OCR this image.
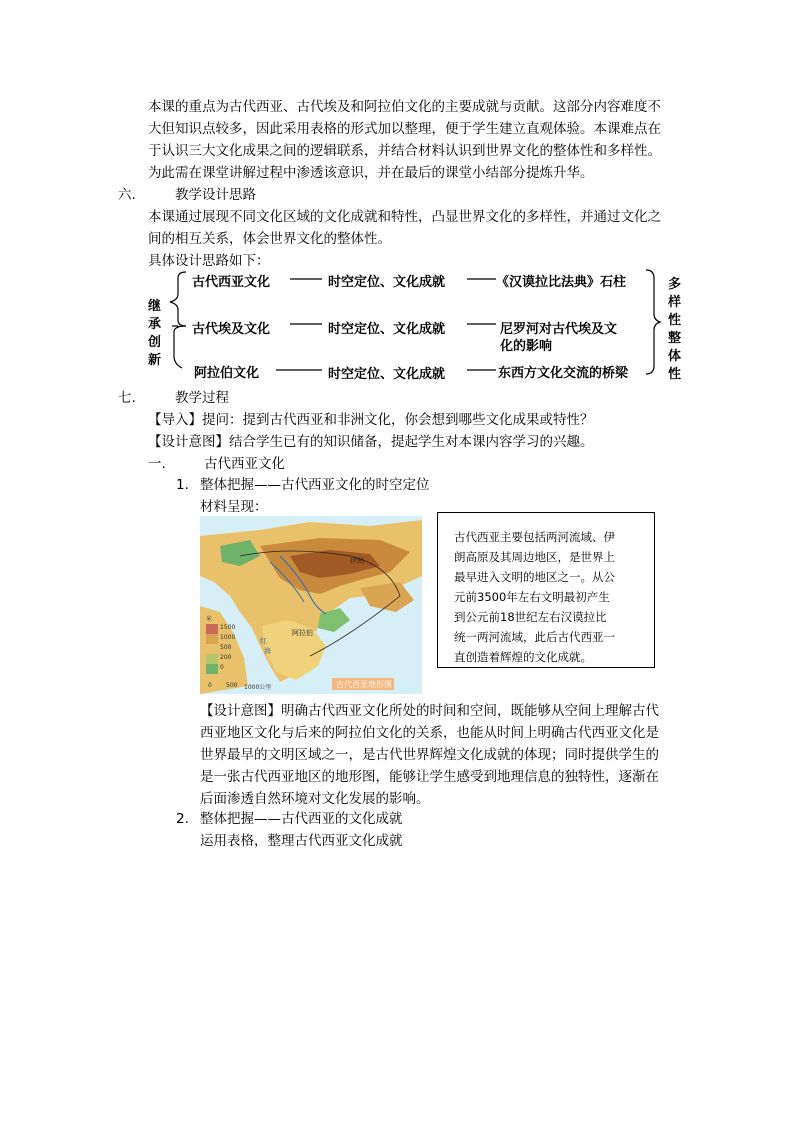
本课的重点为古代西亚、古代埃及和阿拉伯文化的主要成就与贡献。这部分内容难度不
大但知识点较多，因此采用表格的形式加以整理，便于学生建立直观体验。本课难点在
于认识三大文化成果之间的逻辑联系，并结合材料认识到世界文化的整体性和多样性。
为此需在课堂讲解过程中渗透该意识，并在最后的课堂小结部分提炼升华。
六.	教学设计思路
本课通过展现不同文化区域的文化成就和特性，凸显世界文化的多样性，并通过文化之
间的相互关系，体会世界文化的整体性。
具体设计思路如下：
继承创新
多样性
整体性
古代西亚文化	时空定位、文化成就	《汉谟拉比法典》石柱
古代埃及文化	时空定位、文化成就	尼罗河对古代埃及文
化的影响
阿拉伯文化	时空定位、文化成就	东西方文化交流的桥梁
七.	教学过程
【导入】提问：提到古代西亚和非洲文化，你会想到哪些文化成果或特性？
【设计意图】结合学生已有的知识储备，提起学生对本课内容学习的兴趣。
一.	古代西亚文化
1. 整体把握——古代西亚文化的时空定位
材料呈现：
米
1500
1000
500
200
0
0 500 1000公里	古代西亚地形图
伊朗
阿拉伯
红
海
古代西亚主要包括两河流域、伊
朗高原及其周边地区，是世界上
最早进入文明的地区之一。从公
元前3500年左右文明最初产生
到公元前18世纪左右汉谟拉比
统一两河流域，此后古代西亚一
直创造着辉煌的文化成就。
【设计意图】明确古代西亚文化所处的时间和空间，既能够从空间上理解古代
西亚地区文化与后来的阿拉伯文化的关系，也能从时间上明确古代西亚文化是
世界最早的文明区域之一，是古代世界辉煌文化成就的体现；同时提供学生的
是一张古代西亚地区的地形图，能够让学生感受到地理信息的独特性，逐渐在
后面渗透自然环境对文化发展的影响。
2. 整体把握——古代西亚的文化成就
运用表格，整理古代西亚文化成就
